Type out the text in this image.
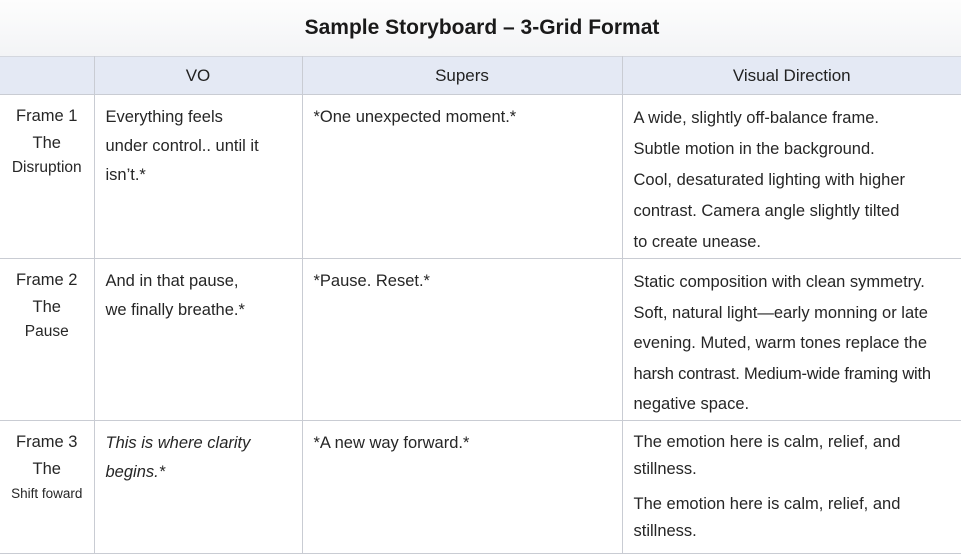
Sample Storyboard – 3-Grid Format
	VO	Supers	Visual Direction

Frame 1
The
Disruption	Everything feels
under control.. until it
isn’t.*	*One unexpected moment.*	A wide, slightly off-balance frame.
Subtle motion in the background.
Cool, desaturated lighting with higher
contrast. Camera angle slightly tilted
to create unease.

Frame 2
The
Pause	And in that pause,
we finally breathe.*	*Pause. Reset.*	Static composition with clean symmetry.
Soft, natural light—early monning or late
evening. Muted, warm tones replace the
harsh contrast. Medium-wide framing with
negative space.

Frame 3
The
Shift foward	This is where clarity
begins.*	*A new way forward.*	The emotion here is calm, relief, and
stillness.
The emotion here is calm, relief, and
stillness.
